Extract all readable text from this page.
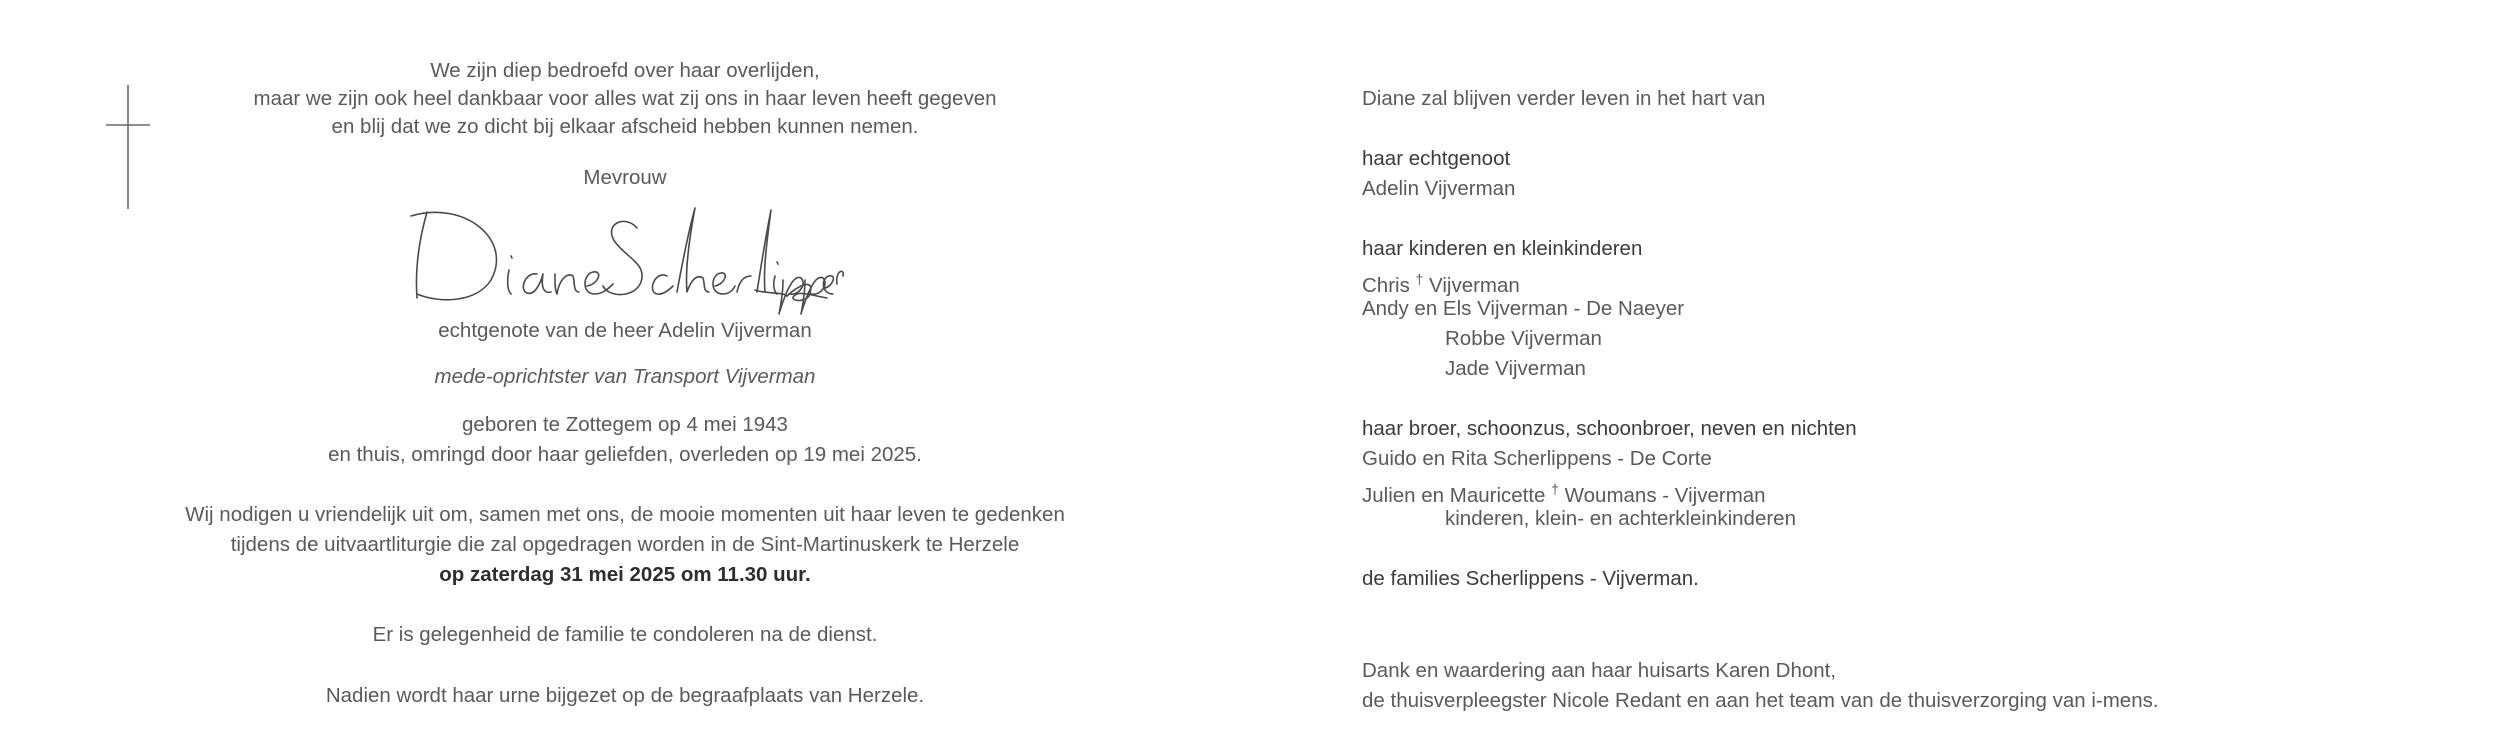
We zijn diep bedroefd over haar overlijden,
maar we zijn ook heel dankbaar voor alles wat zij ons in haar leven heeft gegeven
en blij dat we zo dicht bij elkaar afscheid hebben kunnen nemen.
Mevrouw
echtgenote van de heer Adelin Vijverman
mede-oprichtster van Transport Vijverman
geboren te Zottegem op 4 mei 1943
en thuis, omringd door haar geliefden, overleden op 19 mei 2025.
Wij nodigen u vriendelijk uit om, samen met ons, de mooie momenten uit haar leven te gedenken
tijdens de uitvaartliturgie die zal opgedragen worden in de Sint-Martinuskerk te Herzele
op zaterdag 31 mei 2025 om 11.30 uur.
Er is gelegenheid de familie te condoleren na de dienst.
Nadien wordt haar urne bijgezet op de begraafplaats van Herzele.
Diane zal blijven verder leven in het hart van
haar echtgenoot
Adelin Vijverman
haar kinderen en kleinkinderen
Chris † Vijverman
Andy en Els Vijverman - De Naeyer
Robbe Vijverman
Jade Vijverman
haar broer, schoonzus, schoonbroer, neven en nichten
Guido en Rita Scherlippens - De Corte
Julien en Mauricette † Woumans - Vijverman
kinderen, klein- en achterkleinkinderen
de families Scherlippens - Vijverman.
Dank en waardering aan haar huisarts Karen Dhont,
de thuisverpleegster Nicole Redant en aan het team van de thuisverzorging van i-mens.
